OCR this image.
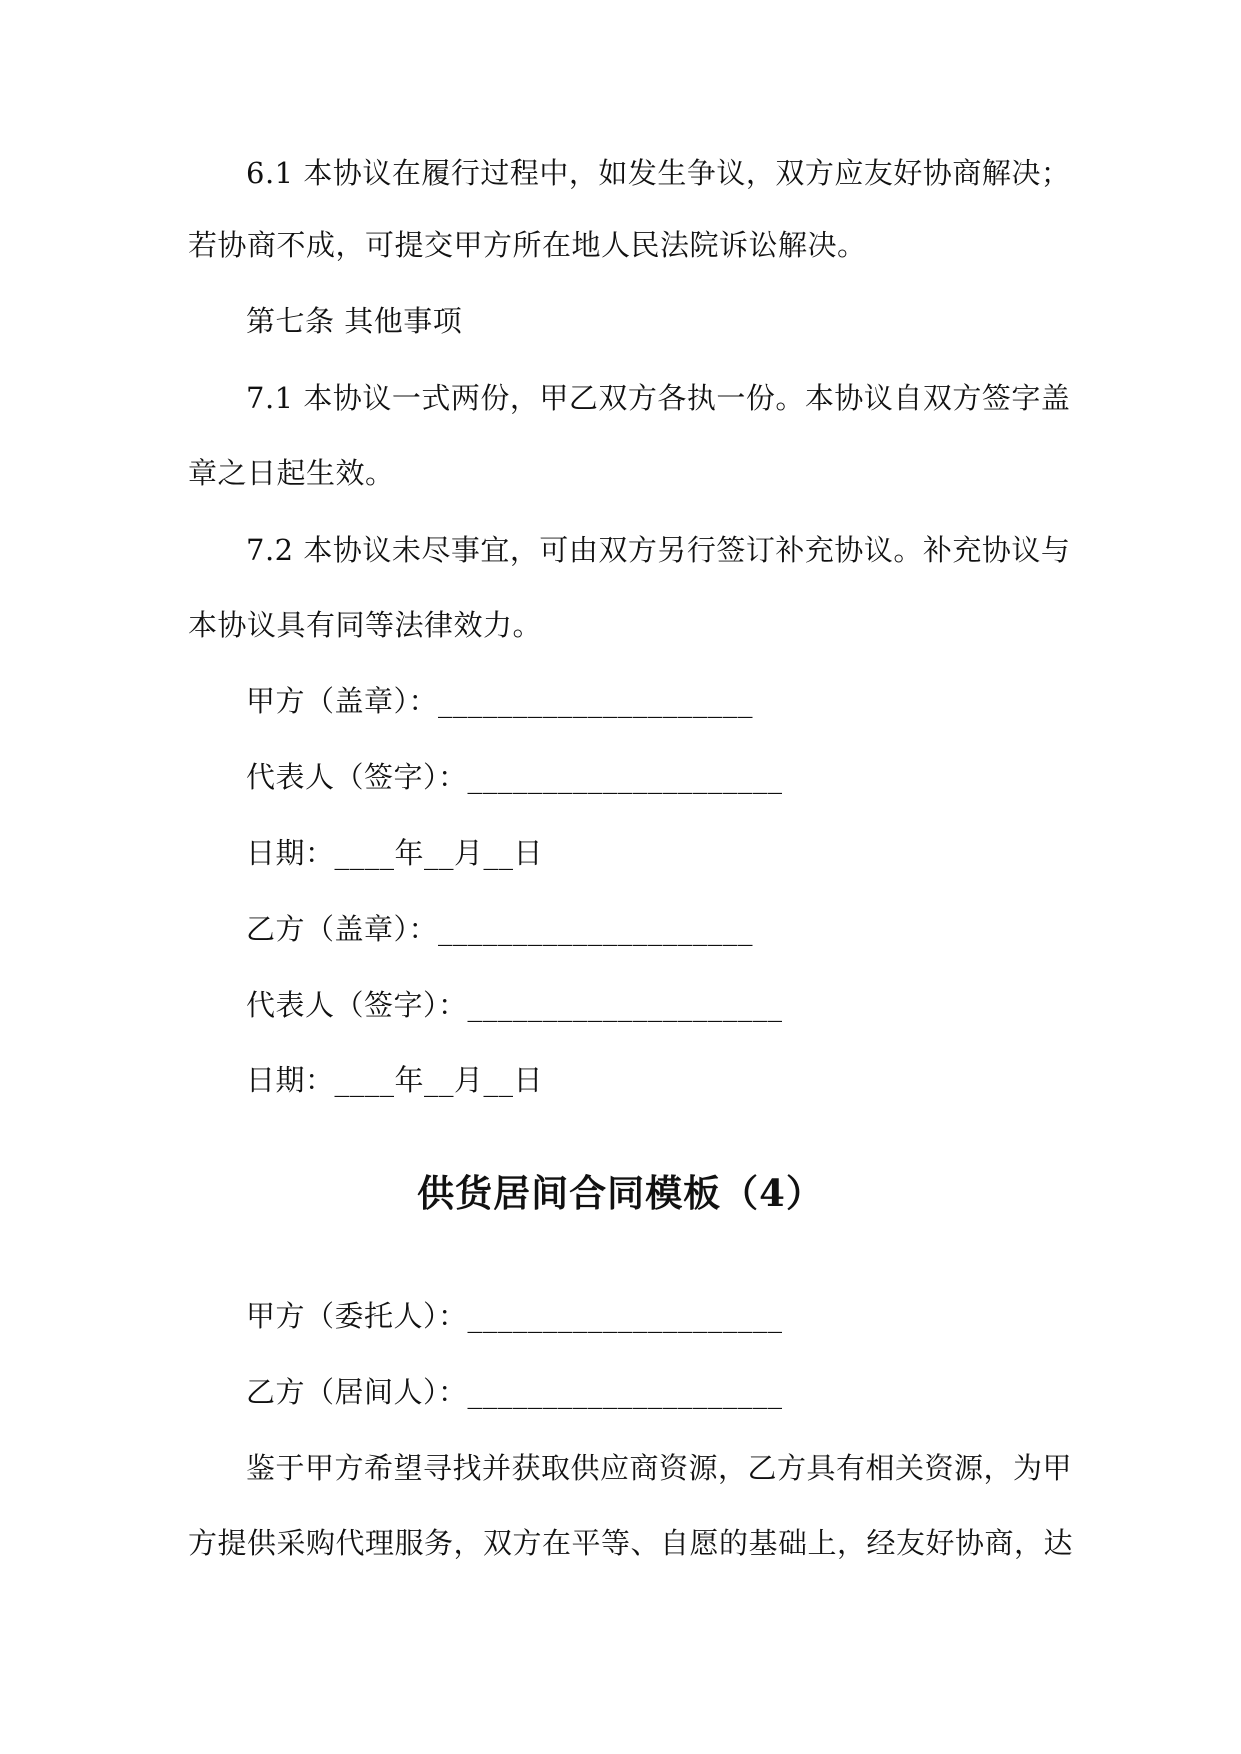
6.1 本协议在履行过程中，如发生争议，双方应友好协商解决；
若协商不成，可提交甲方所在地人民法院诉讼解决。
第七条 其他事项
7.1 本协议一式两份，甲乙双方各执一份。本协议自双方签字盖
章之日起生效。
7.2 本协议未尽事宜，可由双方另行签订补充协议。补充协议与
本协议具有同等法律效力。
甲方（盖章）：_____________________
代表人（签字）：_____________________
日期：____年__月__日
乙方（盖章）：_____________________
代表人（签字）：_____________________
日期：____年__月__日
供货居间合同模板（4）
甲方（委托人）：_____________________
乙方（居间人）：_____________________
鉴于甲方希望寻找并获取供应商资源，乙方具有相关资源，为甲
方提供采购代理服务，双方在平等、自愿的基础上，经友好协商，达
